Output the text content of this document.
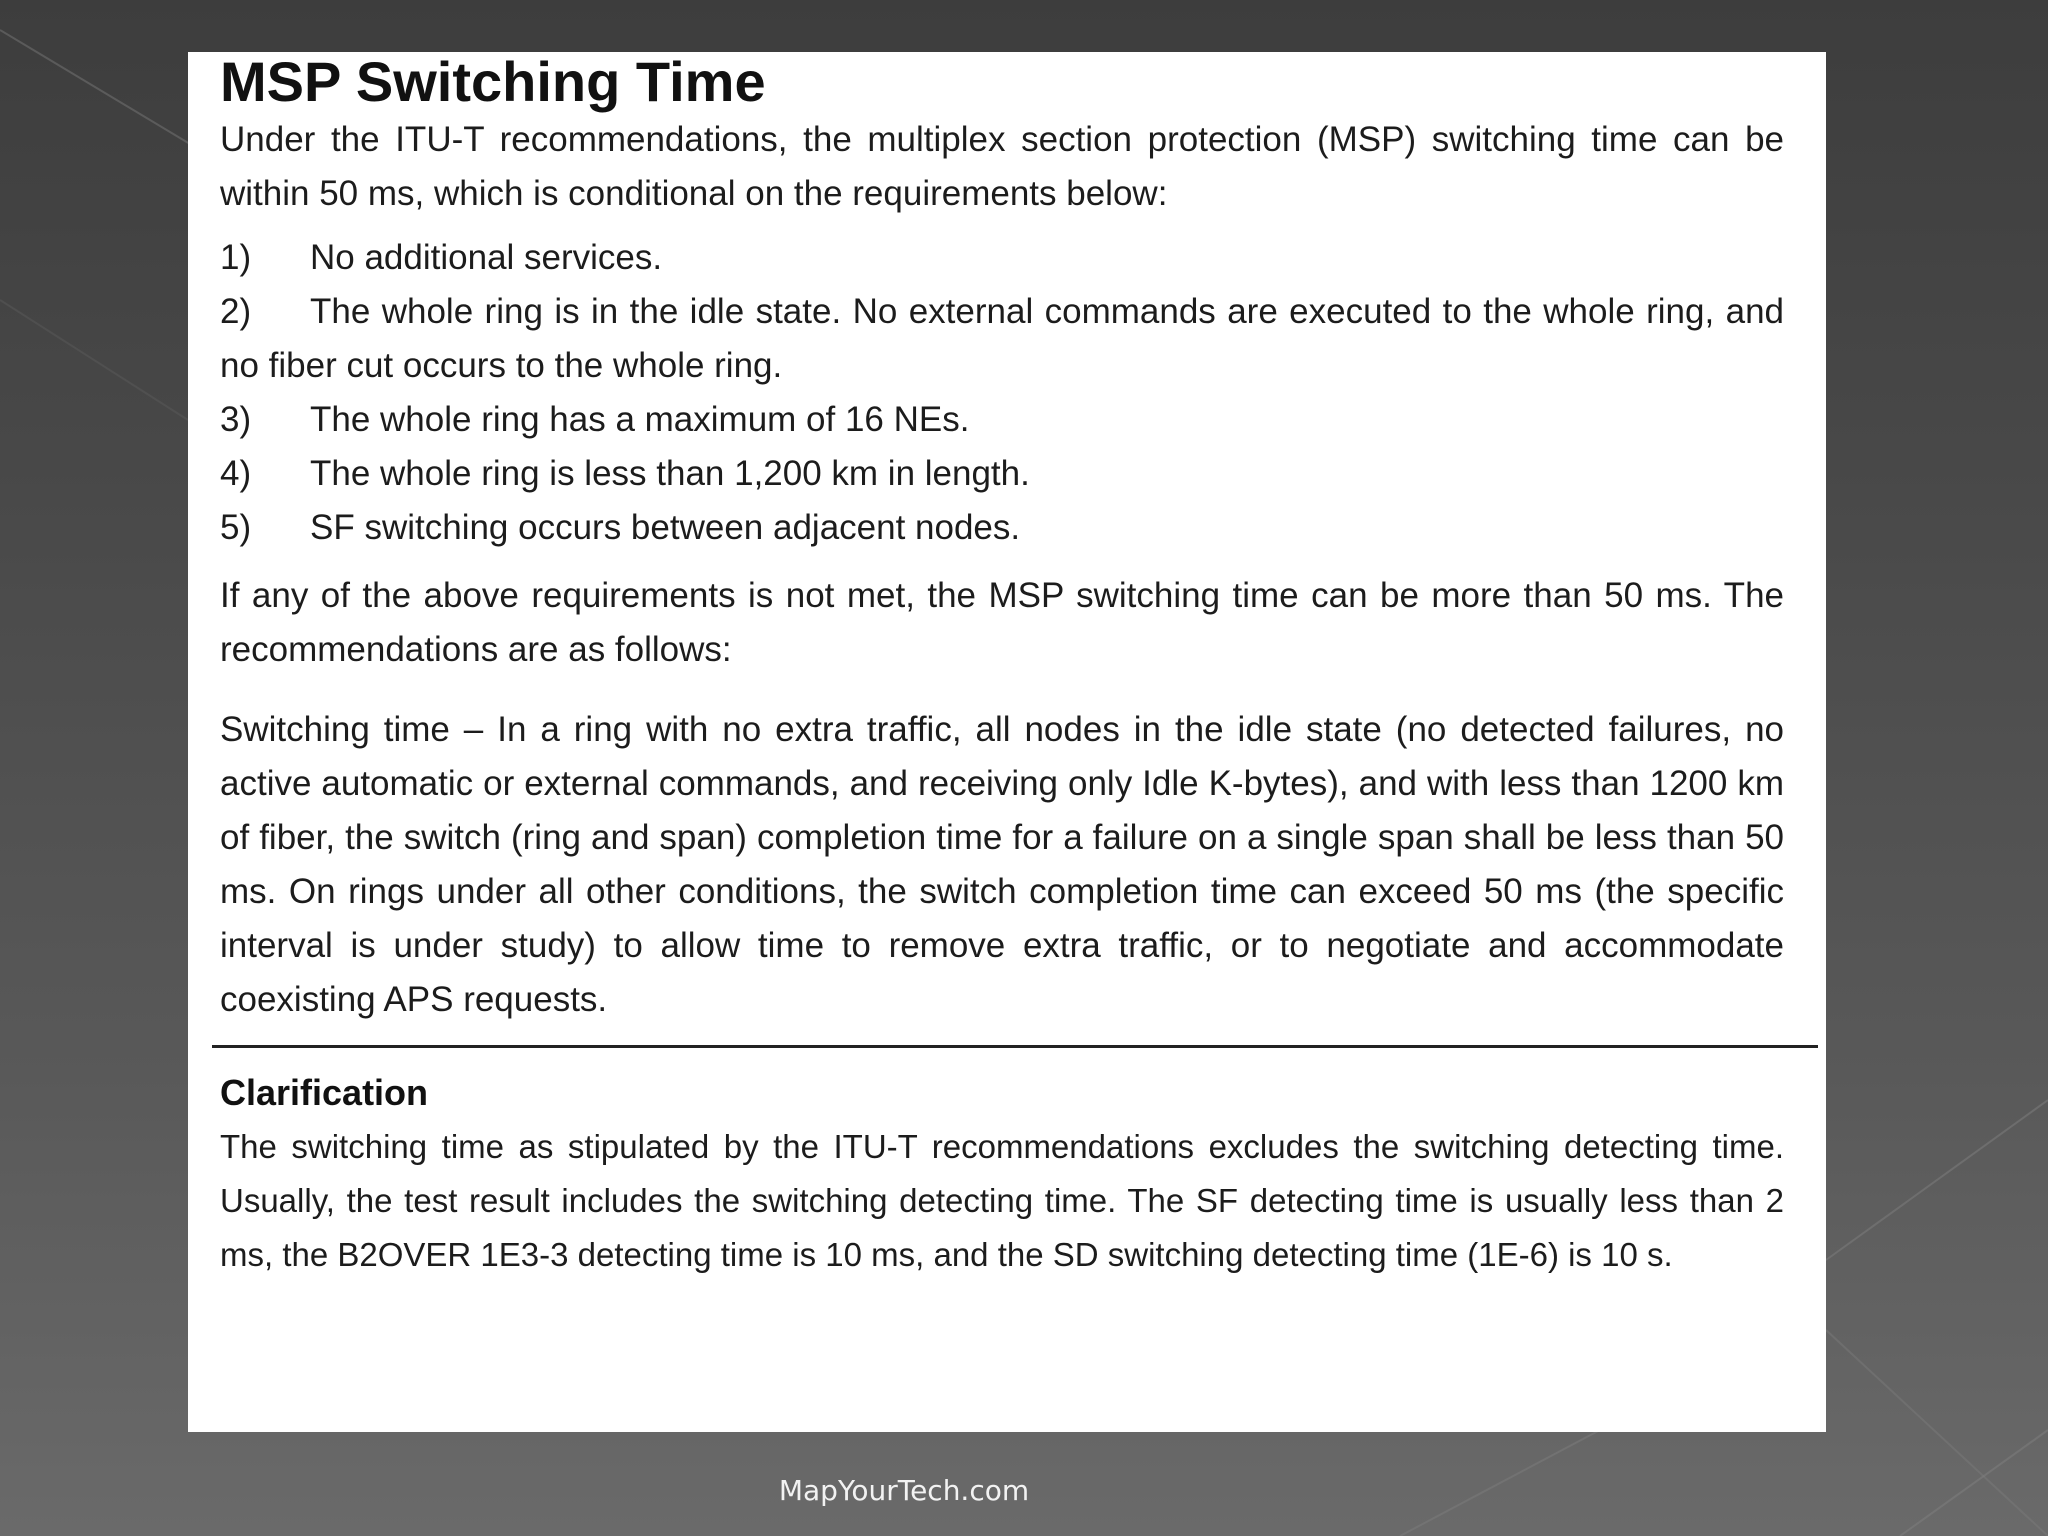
MSP Switching Time

Under the ITU-T recommendations, the multiplex section protection (MSP) switching time can be within 50 ms, which is conditional on the requirements below:

1) No additional services.
2) The whole ring is in the idle state. No external commands are executed to the whole ring, and no fiber cut occurs to the whole ring.
3) The whole ring has a maximum of 16 NEs.
4) The whole ring is less than 1,200 km in length.
5) SF switching occurs between adjacent nodes.

If any of the above requirements is not met, the MSP switching time can be more than 50 ms. The recommendations are as follows:

Switching time – In a ring with no extra traffic, all nodes in the idle state (no detected failures, no active automatic or external commands, and receiving only Idle K-bytes), and with less than 1200 km of fiber, the switch (ring and span) completion time for a failure on a single span shall be less than 50 ms. On rings under all other conditions, the switch completion time can exceed 50 ms (the specific interval is under study) to allow time to remove extra traffic, or to negotiate and accommodate coexisting APS requests.

Clarification

The switching time as stipulated by the ITU-T recommendations excludes the switching detecting time. Usually, the test result includes the switching detecting time. The SF detecting time is usually less than 2 ms, the B2OVER 1E3-3 detecting time is 10 ms, and the SD switching detecting time (1E-6) is 10 s.

MapYourTech.com
